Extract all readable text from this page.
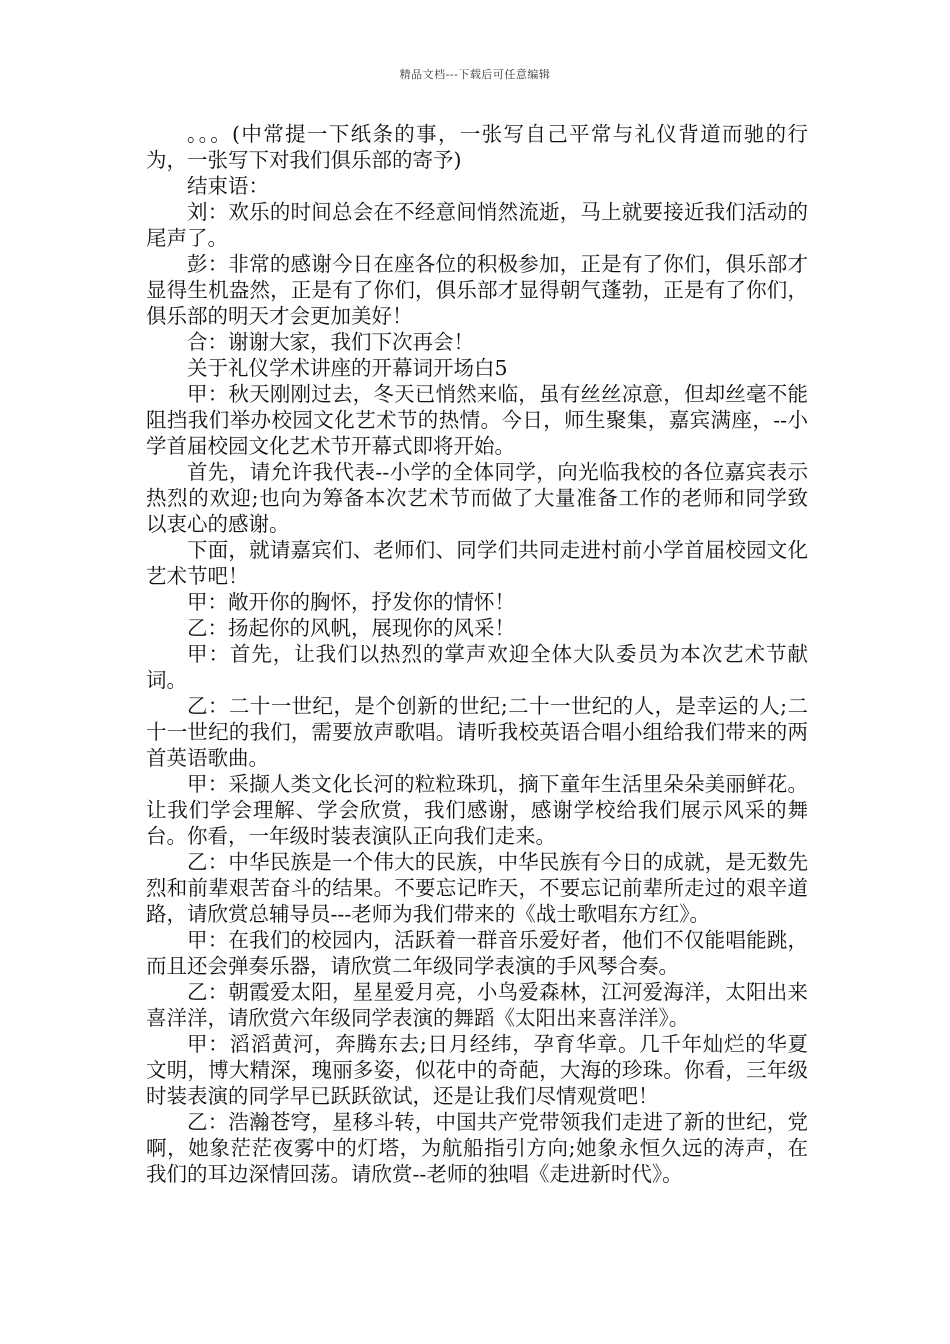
精品文档---下载后可任意编辑

。。。(中常提一下纸条的事，一张写自己平常与礼仪背道而驰的行为，一张写下对我们俱乐部的寄予)

结束语：

刘：欢乐的时间总会在不经意间悄然流逝，马上就要接近我们活动的尾声了。

彭：非常的感谢今日在座各位的积极参加，正是有了你们，俱乐部才显得生机盎然，正是有了你们，俱乐部才显得朝气蓬勃，正是有了你们，俱乐部的明天才会更加美好！

合：谢谢大家，我们下次再会！

关于礼仪学术讲座的开幕词开场白5

甲：秋天刚刚过去，冬天已悄然来临，虽有丝丝凉意，但却丝毫不能阻挡我们举办校园文化艺术节的热情。今日，师生聚集，嘉宾满座，--小学首届校园文化艺术节开幕式即将开始。

首先，请允许我代表--小学的全体同学，向光临我校的各位嘉宾表示热烈的欢迎;也向为筹备本次艺术节而做了大量准备工作的老师和同学致以衷心的感谢。

下面，就请嘉宾们、老师们、同学们共同走进村前小学首届校园文化艺术节吧！

甲：敞开你的胸怀，抒发你的情怀！

乙：扬起你的风帆，展现你的风采！

甲：首先，让我们以热烈的掌声欢迎全体大队委员为本次艺术节献词。

乙：二十一世纪，是个创新的世纪;二十一世纪的人，是幸运的人;二十一世纪的我们，需要放声歌唱。请听我校英语合唱小组给我们带来的两首英语歌曲。

甲：采撷人类文化长河的粒粒珠玑，摘下童年生活里朵朵美丽鲜花。让我们学会理解、学会欣赏，我们感谢，感谢学校给我们展示风采的舞台。你看，一年级时装表演队正向我们走来。

乙：中华民族是一个伟大的民族，中华民族有今日的成就，是无数先烈和前辈艰苦奋斗的结果。不要忘记昨天，不要忘记前辈所走过的艰辛道路，请欣赏总辅导员---老师为我们带来的《战士歌唱东方红》。

甲：在我们的校园内，活跃着一群音乐爱好者，他们不仅能唱能跳，而且还会弹奏乐器，请欣赏二年级同学表演的手风琴合奏。

乙：朝霞爱太阳，星星爱月亮，小鸟爱森林，江河爱海洋，太阳出来喜洋洋，请欣赏六年级同学表演的舞蹈《太阳出来喜洋洋》。

甲：滔滔黄河，奔腾东去;日月经纬，孕育华章。几千年灿烂的华夏文明，博大精深，瑰丽多姿，似花中的奇葩，大海的珍珠。你看，三年级时装表演的同学早已跃跃欲试，还是让我们尽情观赏吧！

乙：浩瀚苍穹，星移斗转，中国共产党带领我们走进了新的世纪，党啊，她象茫茫夜雾中的灯塔，为航船指引方向;她象永恒久远的涛声，在我们的耳边深情回荡。请欣赏--老师的独唱《走进新时代》。
